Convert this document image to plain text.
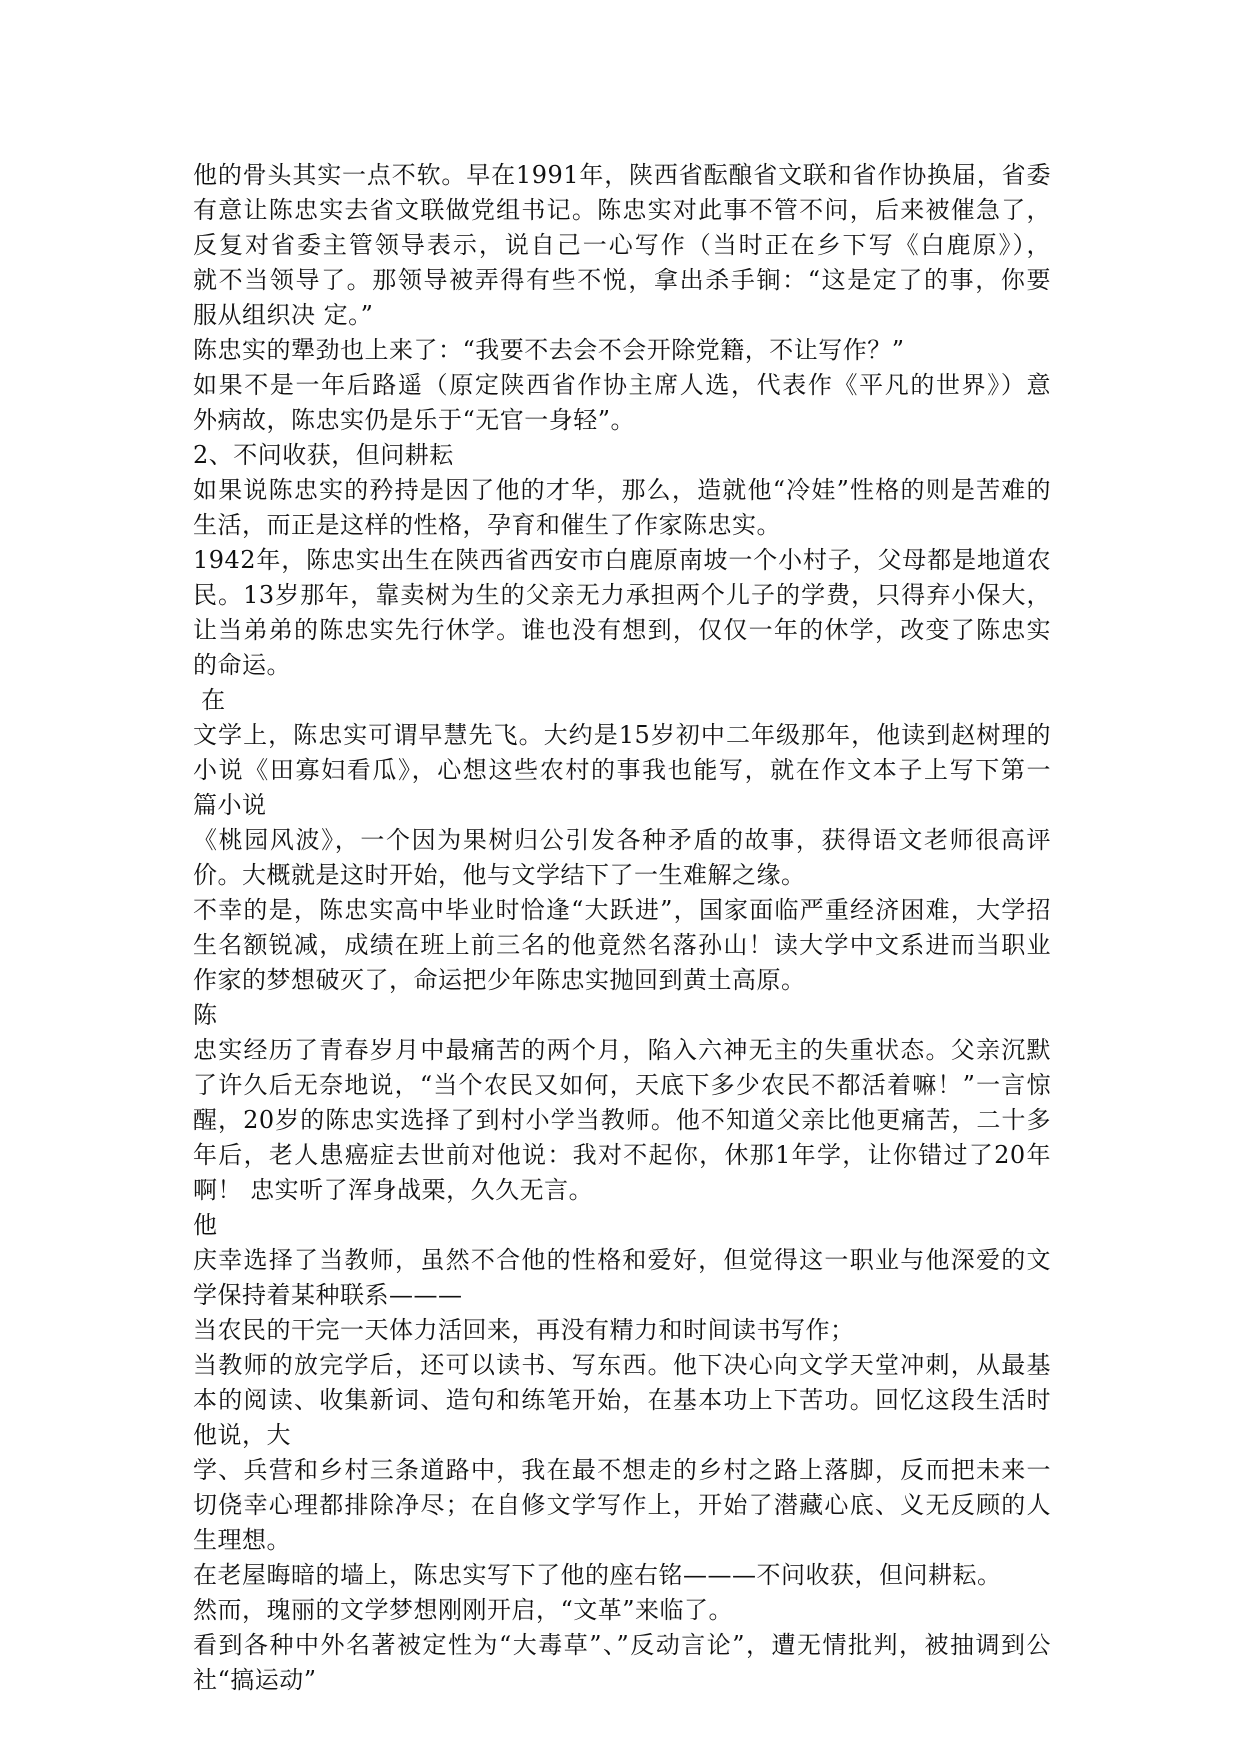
他的骨头其实一点不软。早在1991年，陕西省酝酿省文联和省作协换届，省委
有意让陈忠实去省文联做党组书记。陈忠实对此事不管不问，后来被催急了，
反复对省委主管领导表示，说自己一心写作（当时正在乡下写《白鹿原》），
就不当领导了。那领导被弄得有些不悦，拿出杀手锏：“这是定了的事，你要
服从组织决 定。”
陈忠实的犟劲也上来了：“我要不去会不会开除党籍，不让写作？”
如果不是一年后路遥（原定陕西省作协主席人选，代表作《平凡的世界》）意
外病故，陈忠实仍是乐于“无官一身轻”。
2、不问收获，但问耕耘
如果说陈忠实的矜持是因了他的才华，那么，造就他“冷娃”性格的则是苦难的
生活，而正是这样的性格，孕育和催生了作家陈忠实。
1942年，陈忠实出生在陕西省西安市白鹿原南坡一个小村子，父母都是地道农
民。13岁那年，靠卖树为生的父亲无力承担两个儿子的学费，只得弃小保大，
让当弟弟的陈忠实先行休学。谁也没有想到，仅仅一年的休学，改变了陈忠实
的命运。
在
文学上，陈忠实可谓早慧先飞。大约是15岁初中二年级那年，他读到赵树理的
小说《田寡妇看瓜》，心想这些农村的事我也能写，就在作文本子上写下第一
篇小说
《桃园风波》，一个因为果树归公引发各种矛盾的故事，获得语文老师很高评
价。大概就是这时开始，他与文学结下了一生难解之缘。
不幸的是，陈忠实高中毕业时恰逢“大跃进”，国家面临严重经济困难，大学招
生名额锐减，成绩在班上前三名的他竟然名落孙山！读大学中文系进而当职业
作家的梦想破灭了，命运把少年陈忠实抛回到黄土高原。
陈
忠实经历了青春岁月中最痛苦的两个月，陷入六神无主的失重状态。父亲沉默
了许久后无奈地说，“当个农民又如何，天底下多少农民不都活着嘛！”一言惊
醒，20岁的陈忠实选择了到村小学当教师。他不知道父亲比他更痛苦，二十多
年后，老人患癌症去世前对他说：我对不起你，休那1年学，让你错过了20年
啊！ 忠实听了浑身战栗，久久无言。
他
庆幸选择了当教师，虽然不合他的性格和爱好，但觉得这一职业与他深爱的文
学保持着某种联系———
当农民的干完一天体力活回来，再没有精力和时间读书写作；
当教师的放完学后，还可以读书、写东西。他下决心向文学天堂冲刺，从最基
本的阅读、收集新词、造句和练笔开始，在基本功上下苦功。回忆这段生活时
他说，大
学、兵营和乡村三条道路中，我在最不想走的乡村之路上落脚，反而把未来一
切侥幸心理都排除净尽；在自修文学写作上，开始了潜藏心底、义无反顾的人
生理想。
在老屋晦暗的墙上，陈忠实写下了他的座右铭———不问收获，但问耕耘。
然而，瑰丽的文学梦想刚刚开启，“文革”来临了。
看到各种中外名著被定性为“大毒草”、”反动言论”，遭无情批判，被抽调到公
社“搞运动”
